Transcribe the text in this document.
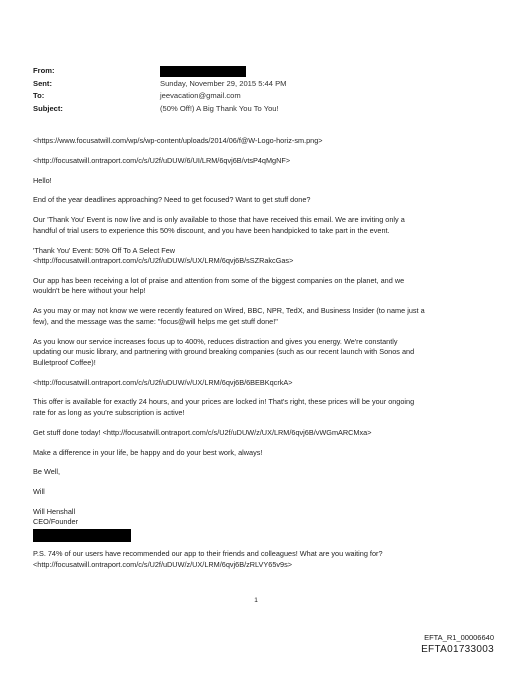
From:
Sent:	Sunday, November 29, 2015 5:44 PM
To:	jeevacation@gmail.com
Subject:	(50% Off!) A Big Thank You To You!

<https://www.focusatwill.com/wp/s/wp-content/uploads/2014/06/f@W-Logo-horiz-sm.png>

<http://focusatwill.ontraport.com/c/s/U2f/uDUW/6/UI/LRM/6qvj6B/vtsP4qMgNF>

Hello!

End of the year deadlines approaching? Need to get focused? Want to get stuff done?

Our 'Thank You' Event is now live and is only available to those that have received this email. We are inviting only a
handful of trial users to experience this 50% discount, and you have been handpicked to take part in the event.

'Thank You' Event: 50% Off To A Select Few
<http://focusatwill.ontraport.com/c/s/U2f/uDUW/s/UX/LRM/6qvj6B/sSZRakcGas>

Our app has been receiving a lot of praise and attention from some of the biggest companies on the planet, and we
wouldn't be here without your help!

As you may or may not know we were recently featured on Wired, BBC, NPR, TedX, and Business Insider (to name just a
few), and the message was the same: "focus@will helps me get stuff done!"

As you know our service increases focus up to 400%, reduces distraction and gives you energy. We're constantly
updating our music library, and partnering with ground breaking companies (such as our recent launch with Sonos and
Bulletproof Coffee)!

<http://focusatwill.ontraport.com/c/s/U2f/uDUW/v/UX/LRM/6qvj6B/6BEBKqcrkA>

This offer is available for exactly 24 hours, and your prices are locked in! That's right, these prices will be your ongoing
rate for as long as you're subscription is active!

Get stuff done today! <http://focusatwill.ontraport.com/c/s/U2f/uDUW/z/UX/LRM/6qvj6B/vWGmARCMxa>

Make a difference in your life, be happy and do your best work, always!

Be Well,

Will

Will Henshall

CEO/Founder

P.S. 74% of our users have recommended our app to their friends and colleagues! What are you waiting for?
<http://focusatwill.ontraport.com/c/s/U2f/uDUW/z/UX/LRM/6qvj6B/zRLVY65v9s>

1
EFTA_R1_00006640
EFTA01733003
